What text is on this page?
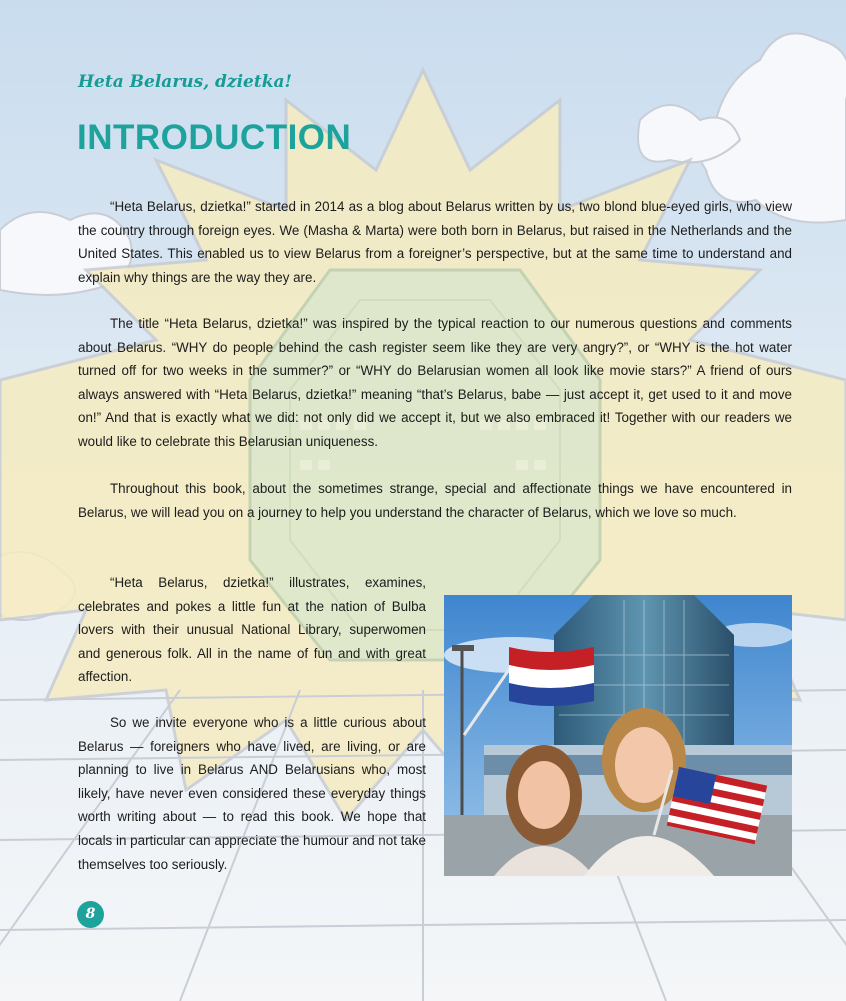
Heta Belarus, dzietka!
INTRODUCTION

“Heta Belarus, dzietka!” started in 2014 as a blog about Belarus written by us, two blond blue-eyed girls, who view the country through foreign eyes. We (Masha & Marta) were both born in Belarus, but raised in the Netherlands and the United States. This enabled us to view Belarus from a foreigner’s perspective, but at the same time to understand and explain why things are the way they are.

The title “Heta Belarus, dzietka!” was inspired by the typical reaction to our numerous questions and comments about Belarus. “WHY do people behind the cash register seem like they are very angry?”, or “WHY is the hot water turned off for two weeks in the summer?” or “WHY do Belarusian women all look like movie stars?” A friend of ours always answered with “Heta Belarus, dzietka!” meaning “that’s Belarus, babe — just accept it, get used to it and move on!” And that is exactly what we did: not only did we accept it, but we also embraced it! Together with our readers we would like to celebrate this Belarusian uniqueness.

Throughout this book, about the sometimes strange, special and affectionate things we have encountered in Belarus, we will lead you on a journey to help you understand the character of Belarus, which we love so much.

“Heta Belarus, dzietka!” illustrates, examines, celebrates and pokes a little fun at the nation of Bulba lovers with their unusual National Library, superwomen and generous folk. All in the name of fun and with great affection.

So we invite everyone who is a little curious about Belarus — foreigners who have lived, are living, or are planning to live in Belarus AND Belarusians who, most likely, have never even considered these everyday things worth writing about — to read this book. We hope that locals in particular can appreciate the humour and not take themselves too seriously.

8
